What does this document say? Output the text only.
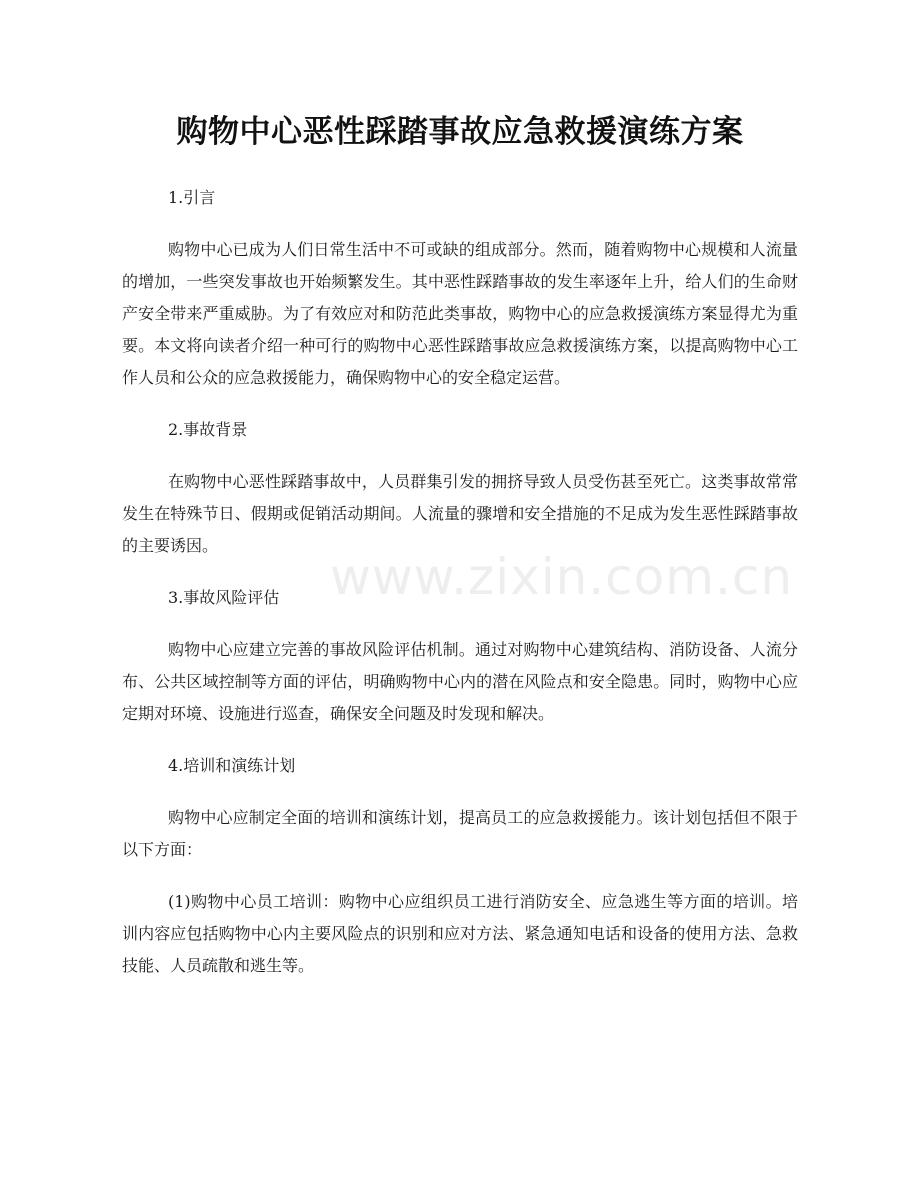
购物中心恶性踩踏事故应急救援演练方案
www.zixin.com.cn

1.引言

购物中心已成为人们日常生活中不可或缺的组成部分。然而，随着购物中心规模和人流量的增加，一些突发事故也开始频繁发生。其中恶性踩踏事故的发生率逐年上升，给人们的生命财产安全带来严重威胁。为了有效应对和防范此类事故，购物中心的应急救援演练方案显得尤为重要。本文将向读者介绍一种可行的购物中心恶性踩踏事故应急救援演练方案，以提高购物中心工作人员和公众的应急救援能力，确保购物中心的安全稳定运营。

2.事故背景

在购物中心恶性踩踏事故中，人员群集引发的拥挤导致人员受伤甚至死亡。这类事故常常发生在特殊节日、假期或促销活动期间。人流量的骤增和安全措施的不足成为发生恶性踩踏事故的主要诱因。

3.事故风险评估

购物中心应建立完善的事故风险评估机制。通过对购物中心建筑结构、消防设备、人流分布、公共区域控制等方面的评估，明确购物中心内的潜在风险点和安全隐患。同时，购物中心应定期对环境、设施进行巡查，确保安全问题及时发现和解决。

4.培训和演练计划

购物中心应制定全面的培训和演练计划，提高员工的应急救援能力。该计划包括但不限于以下方面：

(1)购物中心员工培训：购物中心应组织员工进行消防安全、应急逃生等方面的培训。培训内容应包括购物中心内主要风险点的识别和应对方法、紧急通知电话和设备的使用方法、急救技能、人员疏散和逃生等。
